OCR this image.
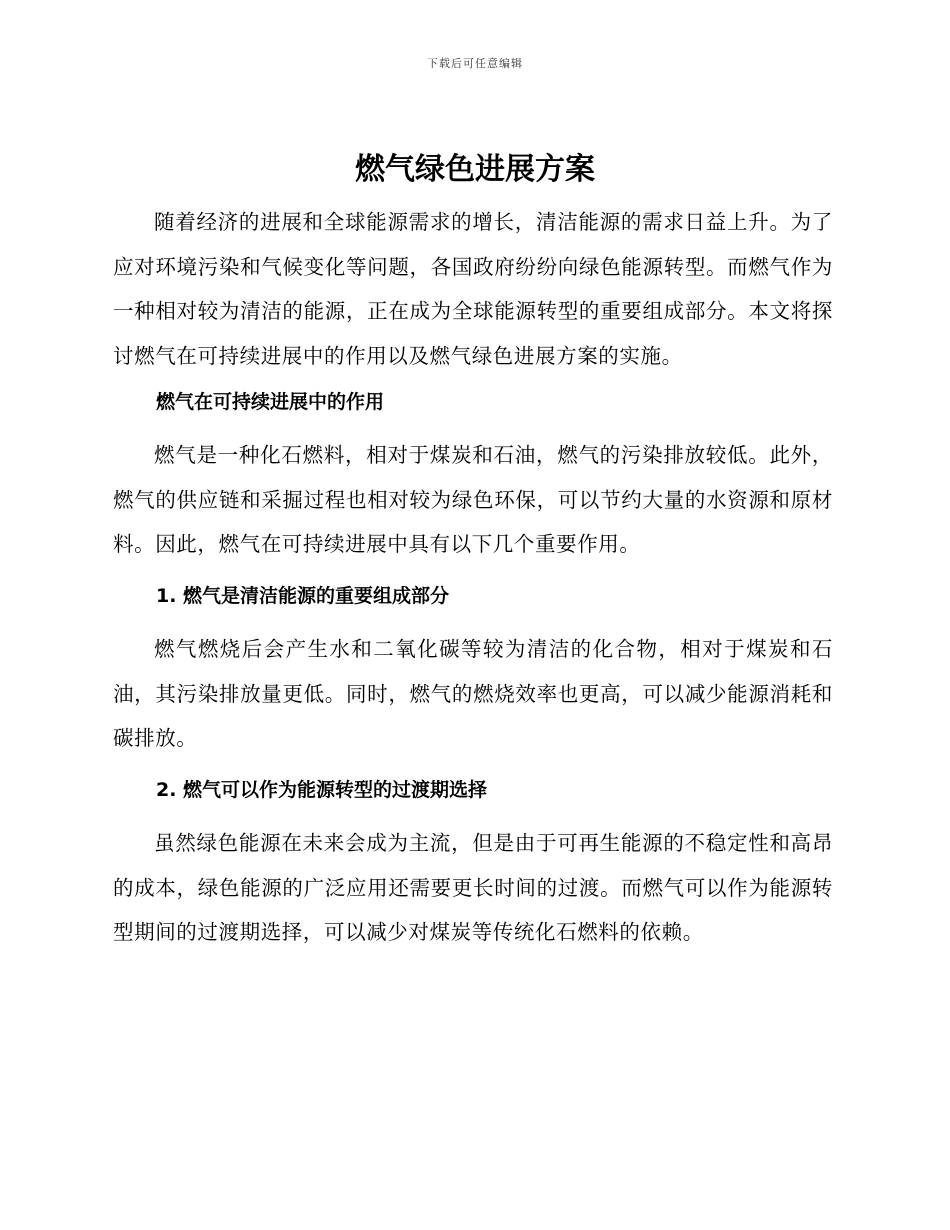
下载后可任意编辑
燃气绿色进展方案

随着经济的进展和全球能源需求的增长，清洁能源的需求日益上升。为了应对环境污染和气候变化等问题，各国政府纷纷向绿色能源转型。而燃气作为一种相对较为清洁的能源，正在成为全球能源转型的重要组成部分。本文将探讨燃气在可持续进展中的作用以及燃气绿色进展方案的实施。

燃气在可持续进展中的作用

燃气是一种化石燃料，相对于煤炭和石油，燃气的污染排放较低。此外，燃气的供应链和采掘过程也相对较为绿色环保，可以节约大量的水资源和原材料。因此，燃气在可持续进展中具有以下几个重要作用。

1. 燃气是清洁能源的重要组成部分

燃气燃烧后会产生水和二氧化碳等较为清洁的化合物，相对于煤炭和石油，其污染排放量更低。同时，燃气的燃烧效率也更高，可以减少能源消耗和碳排放。

2. 燃气可以作为能源转型的过渡期选择

虽然绿色能源在未来会成为主流，但是由于可再生能源的不稳定性和高昂的成本，绿色能源的广泛应用还需要更长时间的过渡。而燃气可以作为能源转型期间的过渡期选择，可以减少对煤炭等传统化石燃料的依赖。
